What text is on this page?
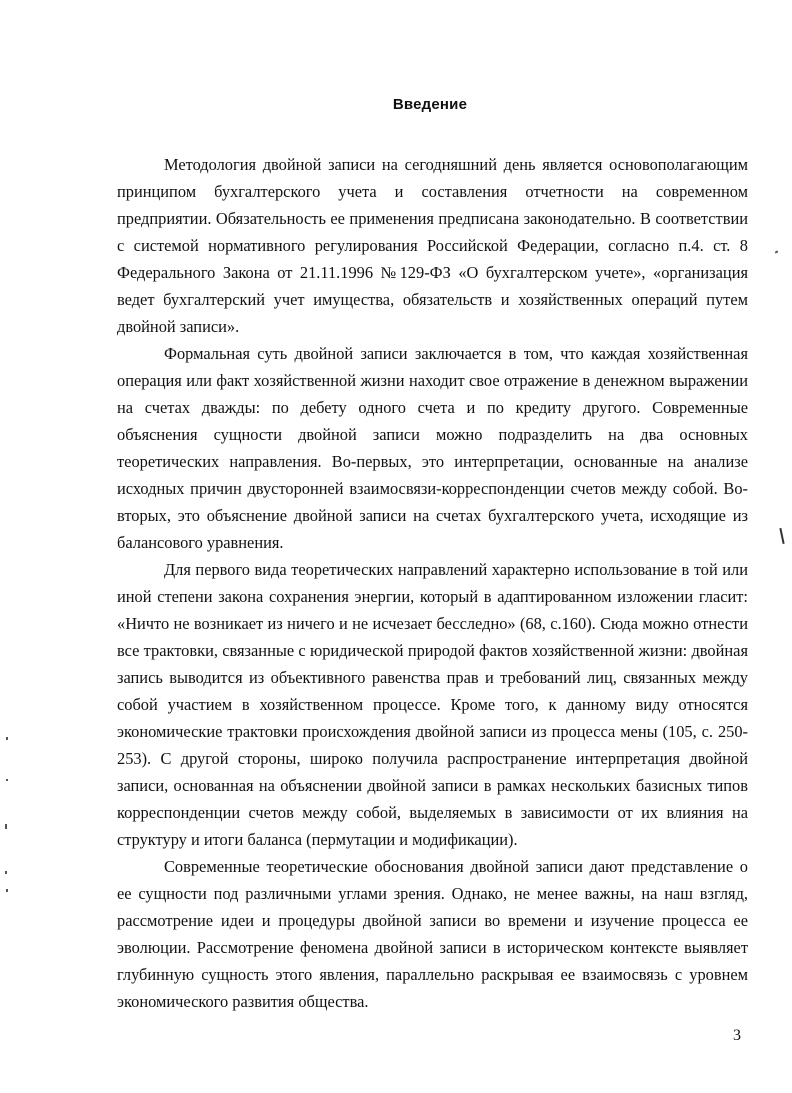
Введение

Методология двойной записи на сегодняшний день является основополагающим принципом бухгалтерского учета и составления отчетности на современном предприятии. Обязательность ее применения предписана законодательно. В соответствии с системой нормативного регулирования Российской Федерации, согласно п.4. ст. 8 Федерального Закона от 21.11.1996 №129-ФЗ «О бухгалтерском учете», «организация ведет бухгалтерский учет имущества, обязательств и хозяйственных операций путем двойной записи».

Формальная суть двойной записи заключается в том, что каждая хозяйственная операция или факт хозяйственной жизни находит свое отражение в денежном выражении на счетах дважды: по дебету одного счета и по кредиту другого. Современные объяснения сущности двойной записи можно подразделить на два основных теоретических направления. Во-первых, это интерпретации, основанные на анализе исходных причин двусторонней взаимосвязи-корреспонденции счетов между собой. Во-вторых, это объяснение двойной записи на счетах бухгалтерского учета, исходящие из балансового уравнения.

Для первого вида теоретических направлений характерно использование в той или иной степени закона сохранения энергии, который в адаптированном изложении гласит: «Ничто не возникает из ничего и не исчезает бесследно» (68, с.160). Сюда можно отнести все трактовки, связанные с юридической природой фактов хозяйственной жизни: двойная запись выводится из объективного равенства прав и требований лиц, связанных между собой участием в хозяйственном процессе. Кроме того, к данному виду относятся экономические трактовки происхождения двойной записи из процесса мены (105, с. 250-253). С другой стороны, широко получила распространение интерпретация двойной записи, основанная на объяснении двойной записи в рамках нескольких базисных типов корреспонденции счетов между собой, выделяемых в зависимости от их влияния на структуру и итоги баланса (пермутации и модификации).

Современные теоретические обоснования двойной записи дают представление о ее сущности под различными углами зрения. Однако, не менее важны, на наш взгляд, рассмотрение идеи и процедуры двойной записи во времени и изучение процесса ее эволюции. Рассмотрение феномена двойной записи в историческом контексте выявляет глубинную сущность этого явления, параллельно раскрывая ее взаимосвязь с уровнем экономического развития общества.

3
